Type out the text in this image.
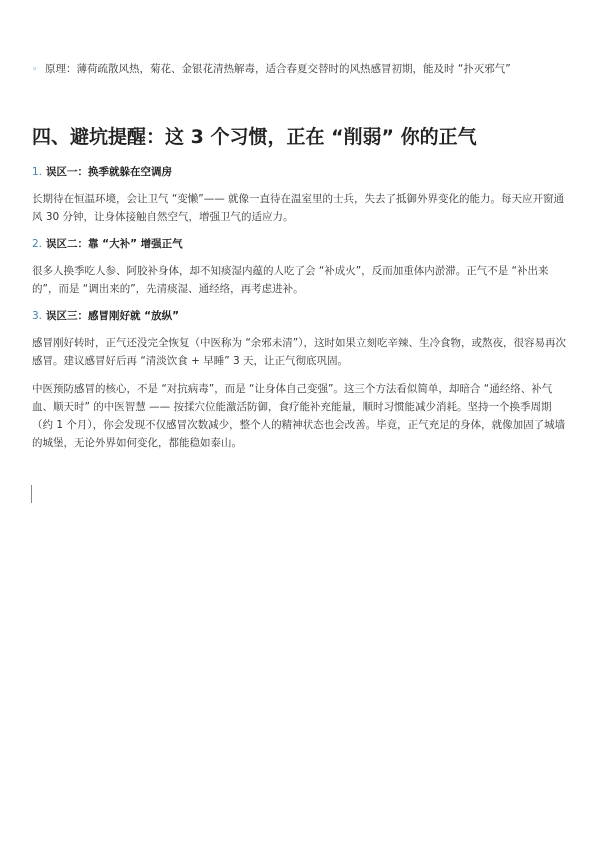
◦ 原理：薄荷疏散风热，菊花、金银花清热解毒，适合春夏交替时的风热感冒初期，能及时 “扑灭邪气”
四、避坑提醒：这 3 个习惯，正在 “削弱” 你的正气
1. 误区一：换季就躲在空调房

长期待在恒温环境，会让卫气 “变懒”—— 就像一直待在温室里的士兵，失去了抵御外界变化的能力。每天应开窗通风 30 分钟，让身体接触自然空气，增强卫气的适应力。

2. 误区二：靠 “大补” 增强正气

很多人换季吃人参、阿胶补身体，却不知痰湿内蕴的人吃了会 “补成火”，反而加重体内淤滞。正气不是 “补出来的”，而是 “调出来的”，先清痰湿、通经络，再考虑进补。

3. 误区三：感冒刚好就 “放纵”

感冒刚好转时，正气还没完全恢复（中医称为 “余邪未清”），这时如果立刻吃辛辣、生冷食物，或熬夜，很容易再次感冒。建议感冒好后再 “清淡饮食 + 早睡” 3 天，让正气彻底巩固。

中医预防感冒的核心，不是 “对抗病毒”，而是 “让身体自己变强”。这三个方法看似简单，却暗合 “通经络、补气血、顺天时” 的中医智慧 —— 按揉穴位能激活防御，食疗能补充能量，顺时习惯能减少消耗。坚持一个换季周期（约 1 个月），你会发现不仅感冒次数减少，整个人的精神状态也会改善。毕竟，正气充足的身体，就像加固了城墙的城堡，无论外界如何变化，都能稳如泰山。
